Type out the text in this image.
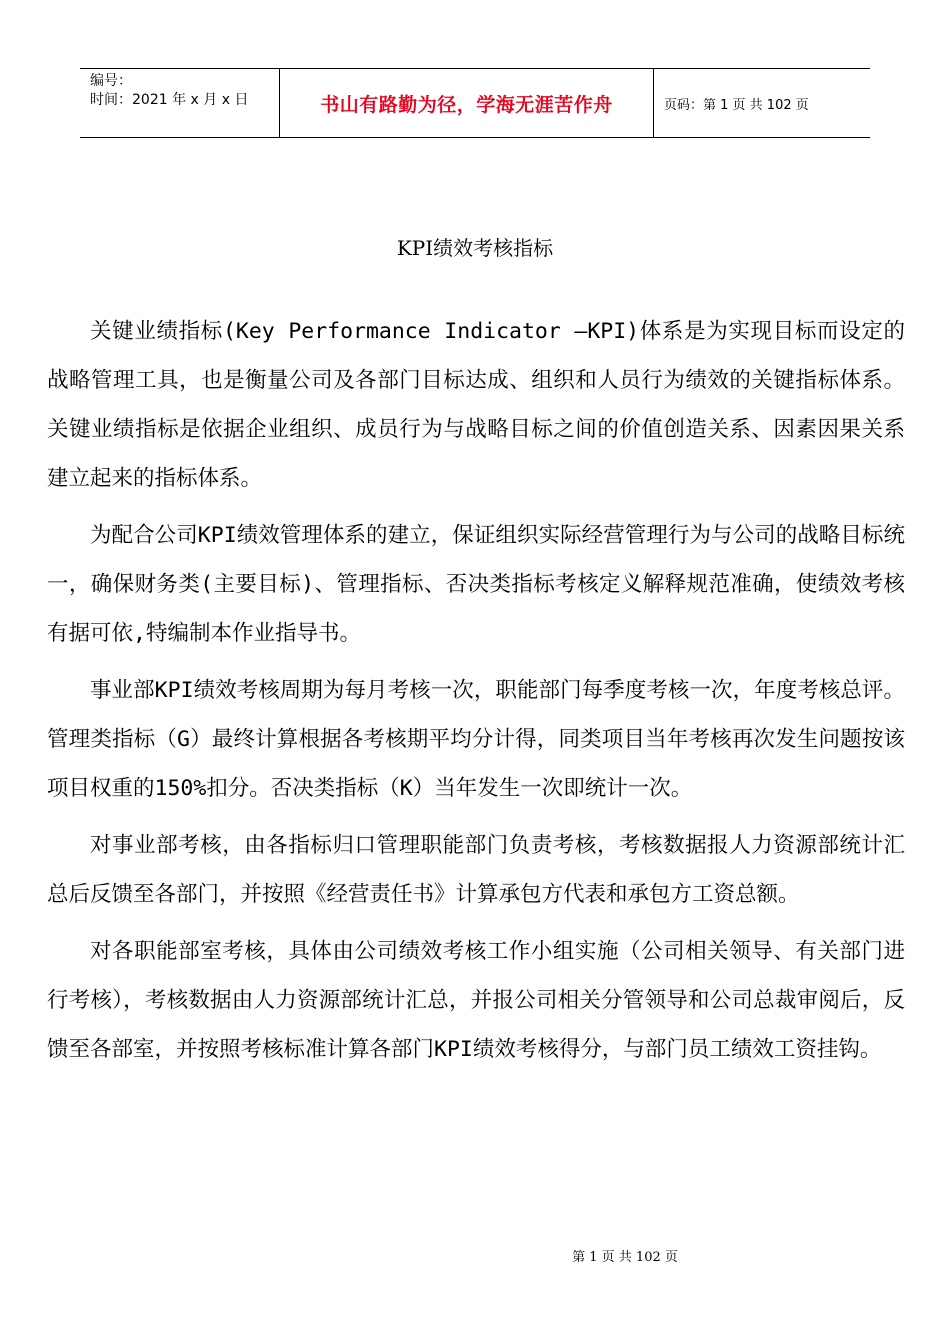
编号：
时间：2021 年 x 月 x 日	书山有路勤为径，学海无涯苦作舟	页码：第 1 页 共 102 页
KPI绩效考核指标

关键业绩指标(Key Performance Indicator —KPI)体系是为实现目标而设定的战略管理工具，也是衡量公司及各部门目标达成、组织和人员行为绩效的关键指标体系。关键业绩指标是依据企业组织、成员行为与战略目标之间的价值创造关系、因素因果关系建立起来的指标体系。

为配合公司KPI绩效管理体系的建立，保证组织实际经营管理行为与公司的战略目标统一，确保财务类(主要目标)、管理指标、否决类指标考核定义解释规范准确，使绩效考核有据可依,特编制本作业指导书。

事业部KPI绩效考核周期为每月考核一次，职能部门每季度考核一次，年度考核总评。管理类指标（G）最终计算根据各考核期平均分计得，同类项目当年考核再次发生问题按该项目权重的150%扣分。否决类指标（K）当年发生一次即统计一次。

对事业部考核，由各指标归口管理职能部门负责考核，考核数据报人力资源部统计汇总后反馈至各部门，并按照《经营责任书》计算承包方代表和承包方工资总额。

对各职能部室考核，具体由公司绩效考核工作小组实施（公司相关领导、有关部门进行考核），考核数据由人力资源部统计汇总，并报公司相关分管领导和公司总裁审阅后，反馈至各部室，并按照考核标准计算各部门KPI绩效考核得分，与部门员工绩效工资挂钩。

第 1 页 共 102 页
